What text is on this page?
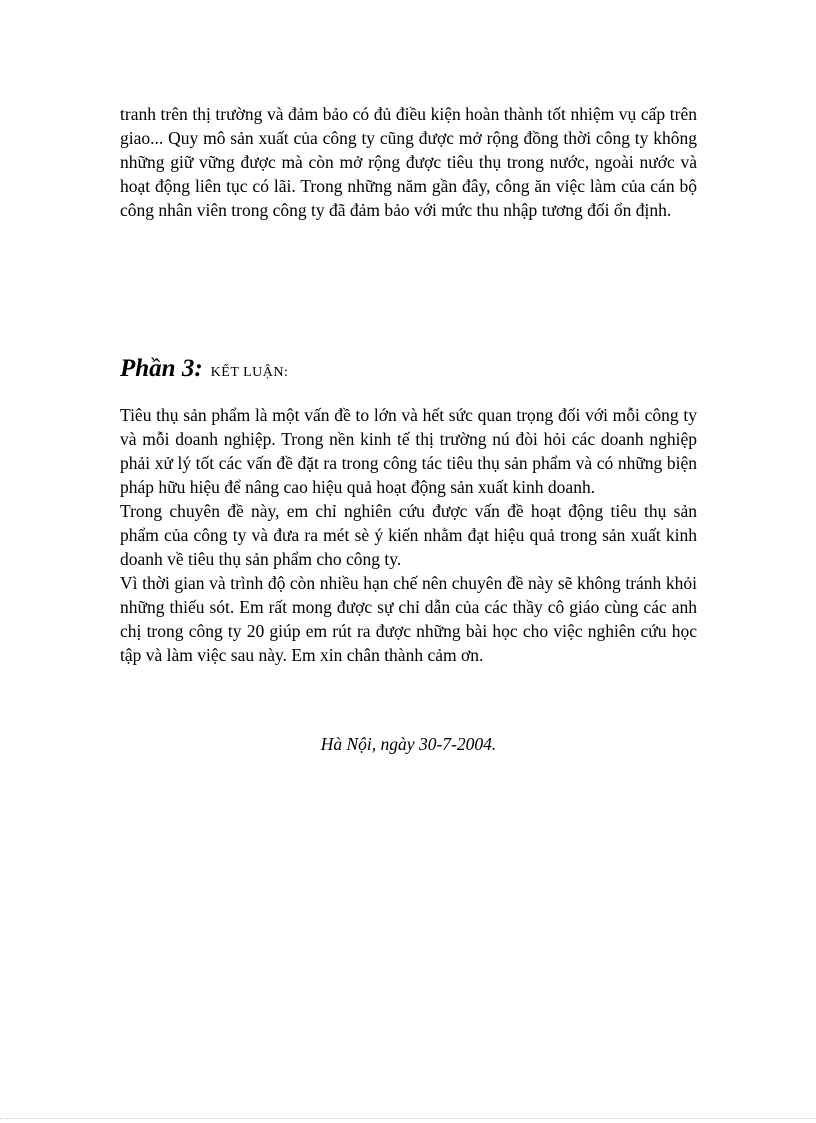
tranh trên thị trường và đảm bảo có đủ điều kiện hoàn thành tốt nhiệm vụ cấp trên giao... Quy mô sản xuất của công ty cũng được mở rộng đồng thời công ty không những giữ vững được mà còn mở rộng được tiêu thụ trong nước, ngoài nước và hoạt động liên tục có lãi. Trong những năm gần đây, công ăn việc làm của cán bộ công nhân viên trong công ty đã đảm bảo với mức thu nhập tương đối ổn định.

Phần 3: KẾT LUẬN:

Tiêu thụ sản phẩm là một vấn đề to lớn và hết sức quan trọng đối với mỗi công ty và mỗi doanh nghiệp. Trong nền kinh tế thị trường nú đòi hỏi các doanh nghiệp phải xử lý tốt các vấn đề đặt ra trong công tác tiêu thụ sản phẩm và có những biện pháp hữu hiệu để nâng cao hiệu quả hoạt động sản xuất kinh doanh.

Trong chuyên đề này, em chỉ nghiên cứu được vấn đề hoạt động tiêu thụ sản phẩm của công ty và đưa ra mét sè ý kiến nhằm đạt hiệu quả trong sản xuất kinh doanh về tiêu thụ sản phẩm cho công ty.

Vì thời gian và trình độ còn nhiều hạn chế nên chuyên đề này sẽ không tránh khỏi những thiếu sót. Em rất mong được sự chỉ dẫn của các thầy cô giáo cùng các anh chị trong công ty 20 giúp em rút ra được những bài học cho việc nghiên cứu học tập và làm việc sau này. Em xin chân thành cảm ơn.

Hà Nội, ngày 30-7-2004.
